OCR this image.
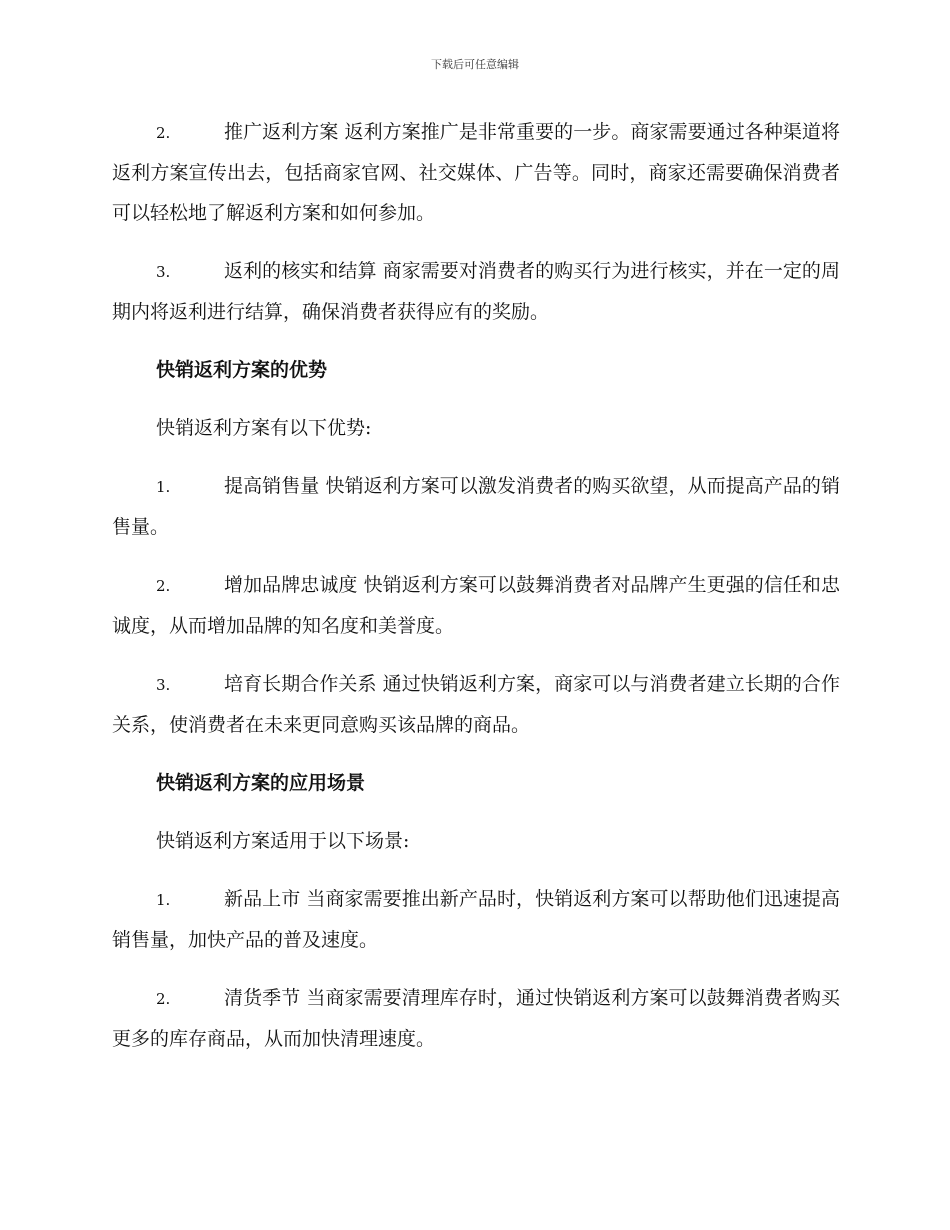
下载后可任意编辑

2.	推广返利方案 返利方案推广是非常重要的一步。商家需要通过各种渠道将返利方案宣传出去，包括商家官网、社交媒体、广告等。同时，商家还需要确保消费者可以轻松地了解返利方案和如何参加。

3.	返利的核实和结算 商家需要对消费者的购买行为进行核实，并在一定的周期内将返利进行结算，确保消费者获得应有的奖励。

快销返利方案的优势
快销返利方案有以下优势:

1.	提高销售量 快销返利方案可以激发消费者的购买欲望，从而提高产品的销售量。

2.	增加品牌忠诚度 快销返利方案可以鼓舞消费者对品牌产生更强的信任和忠诚度，从而增加品牌的知名度和美誉度。

3.	培育长期合作关系 通过快销返利方案，商家可以与消费者建立长期的合作关系，使消费者在未来更同意购买该品牌的商品。

快销返利方案的应用场景
快销返利方案适用于以下场景:

1.	新品上市 当商家需要推出新产品时，快销返利方案可以帮助他们迅速提高销售量，加快产品的普及速度。

2.	清货季节 当商家需要清理库存时，通过快销返利方案可以鼓舞消费者购买更多的库存商品，从而加快清理速度。
